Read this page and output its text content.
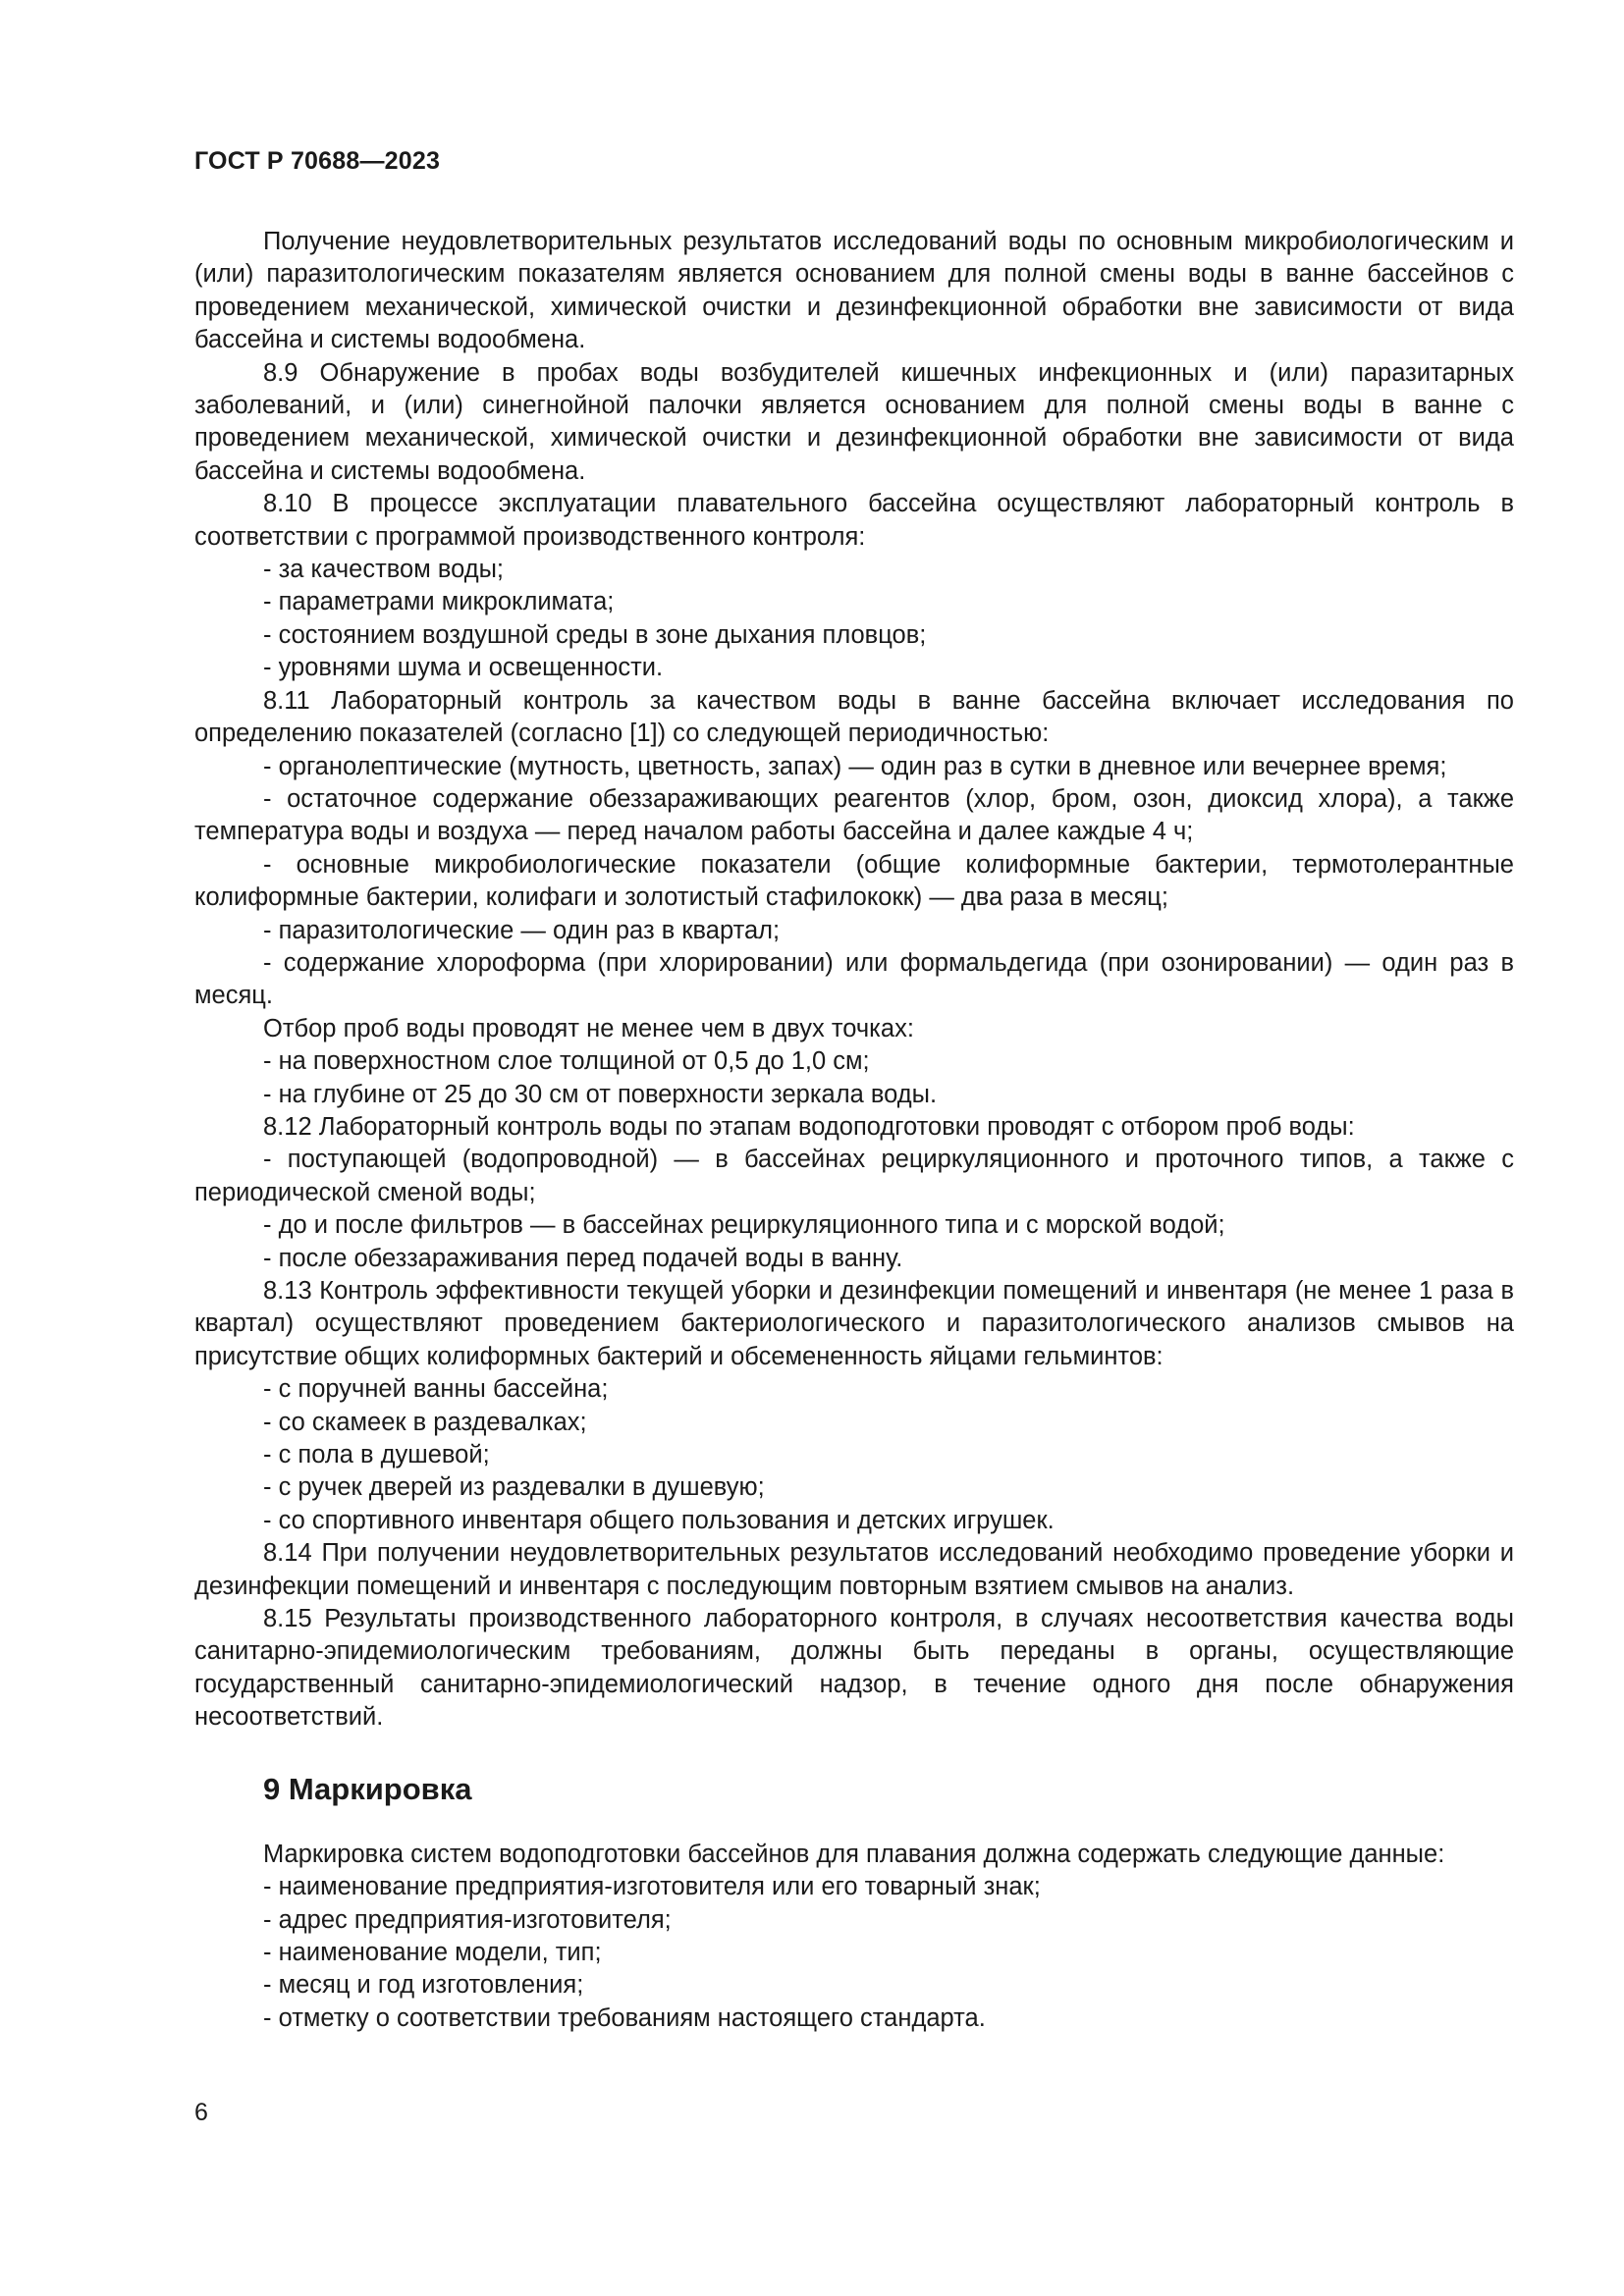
ГОСТ Р 70688—2023

Получение неудовлетворительных результатов исследований воды по основным микробиологическим и (или) паразитологическим показателям является основанием для полной смены воды в ванне бассейнов с проведением механической, химической очистки и дезинфекционной обработки вне зависимости от вида бассейна и системы водообмена.

8.9 Обнаружение в пробах воды возбудителей кишечных инфекционных и (или) паразитарных заболеваний, и (или) синегнойной палочки является основанием для полной смены воды в ванне с проведением механической, химической очистки и дезинфекционной обработки вне зависимости от вида бассейна и системы водообмена.

8.10 В процессе эксплуатации плавательного бассейна осуществляют лабораторный контроль в соответствии с программой производственного контроля:

- за качеством воды;

- параметрами микроклимата;

- состоянием воздушной среды в зоне дыхания пловцов;

- уровнями шума и освещенности.

8.11 Лабораторный контроль за качеством воды в ванне бассейна включает исследования по определению показателей (согласно [1]) со следующей периодичностью:

- органолептические (мутность, цветность, запах) — один раз в сутки в дневное или вечернее время;

- остаточное содержание обеззараживающих реагентов (хлор, бром, озон, диоксид хлора), а также температура воды и воздуха — перед началом работы бассейна и далее каждые 4 ч;

- основные микробиологические показатели (общие колиформные бактерии, термотолерантные колиформные бактерии, колифаги и золотистый стафилококк) — два раза в месяц;

- паразитологические — один раз в квартал;

- содержание хлороформа (при хлорировании) или формальдегида (при озонировании) — один раз в месяц.

Отбор проб воды проводят не менее чем в двух точках:

- на поверхностном слое толщиной от 0,5 до 1,0 см;

- на глубине от 25 до 30 см от поверхности зеркала воды.

8.12 Лабораторный контроль воды по этапам водоподготовки проводят с отбором проб воды:

- поступающей (водопроводной) — в бассейнах рециркуляционного и проточного типов, а также с периодической сменой воды;

- до и после фильтров — в бассейнах рециркуляционного типа и с морской водой;

- после обеззараживания перед подачей воды в ванну.

8.13 Контроль эффективности текущей уборки и дезинфекции помещений и инвентаря (не менее 1 раза в квартал) осуществляют проведением бактериологического и паразитологического анализов смывов на присутствие общих колиформных бактерий и обсемененность яйцами гельминтов:

- с поручней ванны бассейна;

- со скамеек в раздевалках;

- с пола в душевой;

- с ручек дверей из раздевалки в душевую;

- со спортивного инвентаря общего пользования и детских игрушек.

8.14 При получении неудовлетворительных результатов исследований необходимо проведение уборки и дезинфекции помещений и инвентаря с последующим повторным взятием смывов на анализ.

8.15 Результаты производственного лабораторного контроля, в случаях несоответствия качества воды санитарно-эпидемиологическим требованиям, должны быть переданы в органы, осуществляющие государственный санитарно-эпидемиологический надзор, в течение одного дня после обнаружения несоответствий.

9 Маркировка

Маркировка систем водоподготовки бассейнов для плавания должна содержать следующие данные:

- наименование предприятия-изготовителя или его товарный знак;

- адрес предприятия-изготовителя;

- наименование модели, тип;

- месяц и год изготовления;

- отметку о соответствии требованиям настоящего стандарта.

6
